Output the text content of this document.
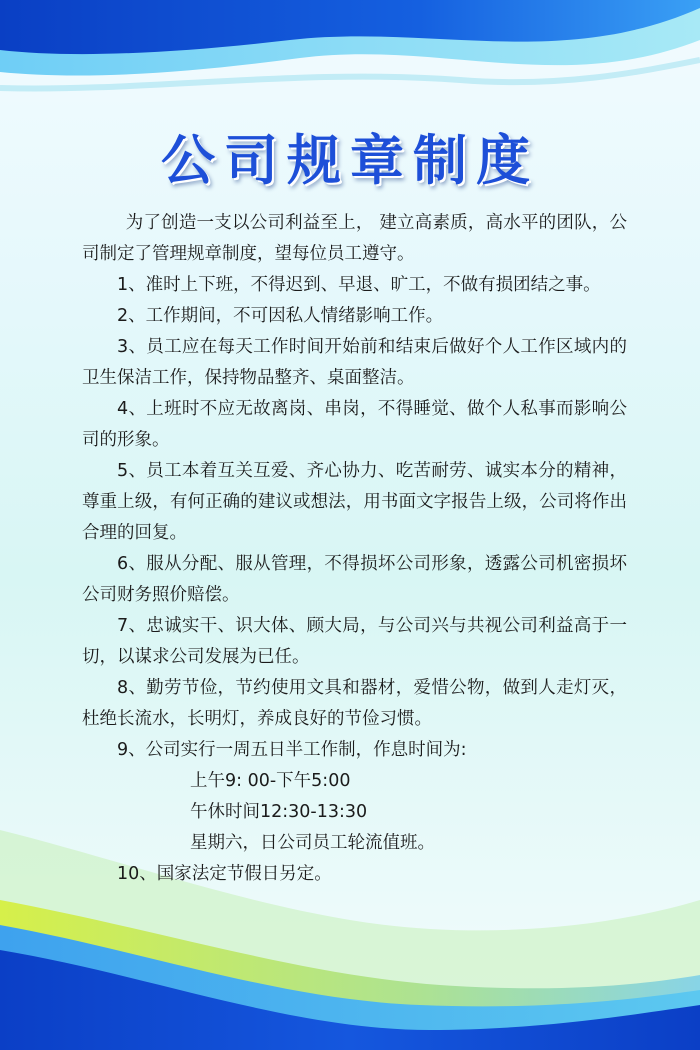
公司规章制度

为了创造一支以公司利益至上， 建立高素质，高水平的团队，公司制定了管理规章制度，望每位员工遵守。

1、准时上下班，不得迟到、早退、旷工，不做有损团结之事。

2、工作期间，不可因私人情绪影响工作。

3、员工应在每天工作时间开始前和结束后做好个人工作区域内的卫生保洁工作，保持物品整齐、桌面整洁。

4、上班时不应无故离岗、串岗，不得睡觉、做个人私事而影响公司的形象。

5、员工本着互关互爱、齐心协力、吃苦耐劳、诚实本分的精神，尊重上级，有何正确的建议或想法，用书面文字报告上级，公司将作出合理的回复。

6、服从分配、服从管理，不得损坏公司形象，透露公司机密损坏公司财务照价赔偿。

7、忠诚实干、识大体、顾大局，与公司兴与共视公司利益高于一切，以谋求公司发展为已任。

8、勤劳节俭，节约使用文具和器材，爱惜公物，做到人走灯灭，杜绝长流水，长明灯，养成良好的节俭习惯。

9、公司实行一周五日半工作制，作息时间为:

上午9: 00-下午5:00

午休时间12:30-13:30

星期六，日公司员工轮流值班。

10、国家法定节假日另定。
